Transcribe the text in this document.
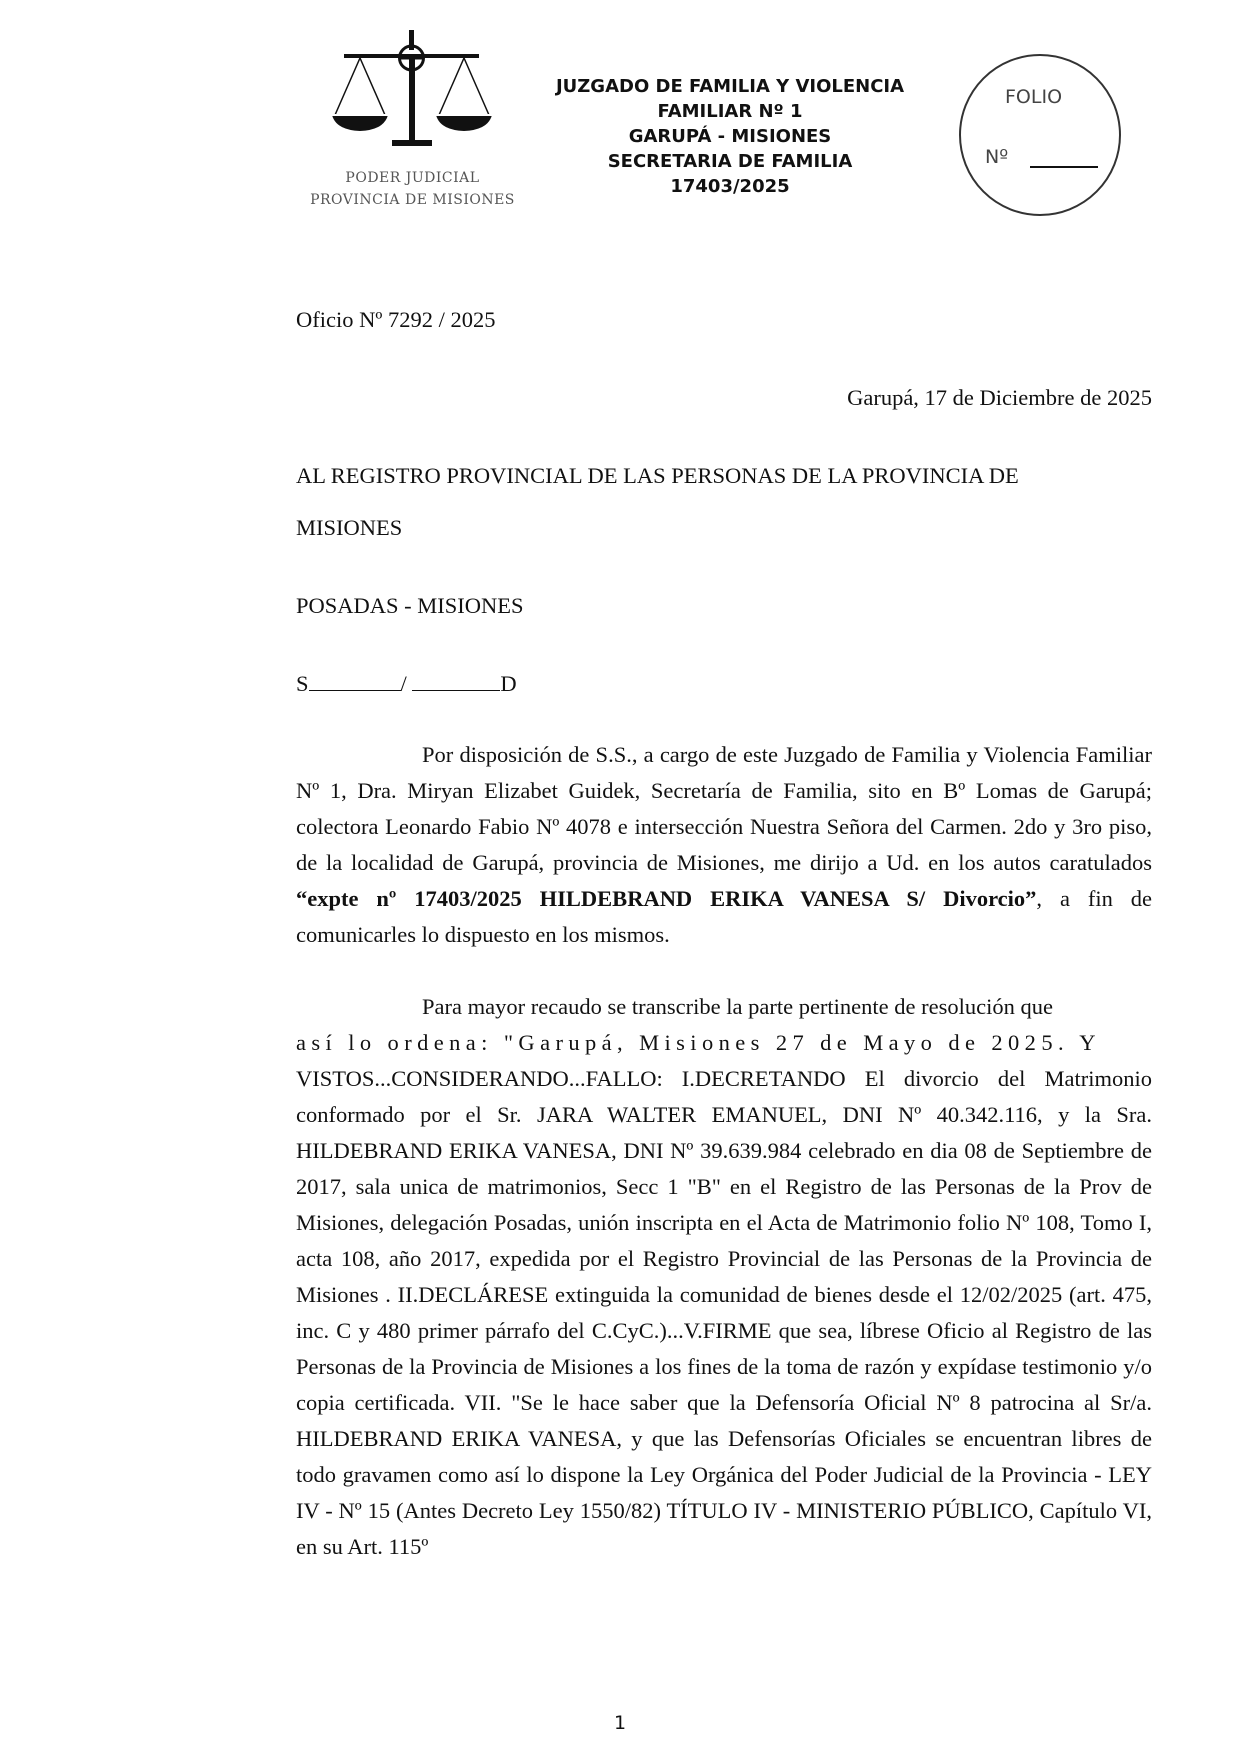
PODER JUDICIAL
PROVINCIA DE MISIONES
JUZGADO DE FAMILIA Y VIOLENCIA
FAMILIAR Nº 1
GARUPÁ - MISIONES
SECRETARIA DE FAMILIA
17403/2025
FOLIO
Nº

Oficio Nº 7292 / 2025

Garupá, 17 de Diciembre de 2025

AL REGISTRO PROVINCIAL DE LAS PERSONAS DE LA PROVINCIA DE

MISIONES

POSADAS - MISIONES

S	/	D

Por disposición de S.S., a cargo de este Juzgado de Familia y Violencia Familiar Nº 1, Dra. Miryan Elizabet Guidek, Secretaría de Familia, sito en Bº Lomas de Garupá; colectora Leonardo Fabio Nº 4078 e intersección Nuestra Señora del Carmen. 2do y 3ro piso, de la localidad de Garupá, provincia de Misiones, me dirijo a Ud. en los autos caratulados “expte nº 17403/2025 HILDEBRAND ERIKA VANESA S/ Divorcio”, a fin de comunicarles lo dispuesto en los mismos.

Para mayor recaudo se transcribe la parte pertinente de resolución que
así lo ordena: "Garupá, Misiones 27 de Mayo de 2025. Y
VISTOS...CONSIDERANDO...FALLO: I.DECRETANDO El divorcio del Matrimonio conformado por el Sr. JARA WALTER EMANUEL, DNI Nº 40.342.116, y la Sra. HILDEBRAND ERIKA VANESA, DNI Nº 39.639.984 celebrado en dia 08 de Septiembre de 2017, sala unica de matrimonios, Secc 1 "B" en el Registro de las Personas de la Prov de Misiones, delegación Posadas, unión inscripta en el Acta de Matrimonio folio Nº 108, Tomo I, acta 108, año 2017, expedida por el Registro Provincial de las Personas de la Provincia de Misiones . II.DECLÁRESE extinguida la comunidad de bienes desde el 12/02/2025 (art. 475, inc. C y 480 primer párrafo del C.CyC.)...V.FIRME que sea, líbrese Oficio al Registro de las Personas de la Provincia de Misiones a los fines de la toma de razón y expídase testimonio y/o copia certificada. VII. "Se le hace saber que la Defensoría Oficial Nº 8 patrocina al Sr/a. HILDEBRAND ERIKA VANESA, y que las Defensorías Oficiales se encuentran libres de todo gravamen como así lo dispone la Ley Orgánica del Poder Judicial de la Provincia - LEY IV - Nº 15 (Antes Decreto Ley 1550/82) TÍTULO IV - MINISTERIO PÚBLICO, Capítulo VI, en su Art. 115º
1
